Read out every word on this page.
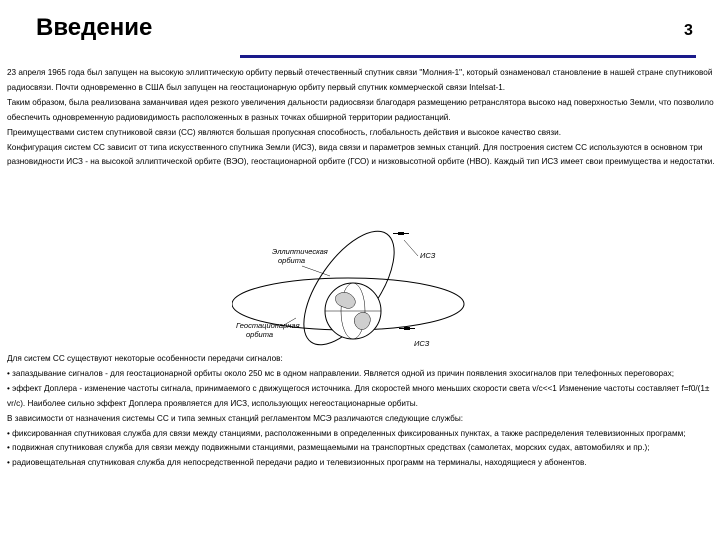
Введение	3

23 апреля 1965 года был запущен на высокую эллиптическую орбиту первый отечественный спутник связи "Молния-1", который ознаменовал становление в нашей стране спутниковой радиосвязи. Почти одновременно в США был запущен на геостационарную орбиту первый спутник коммерческой связи Intelsat-1.

Таким образом, была реализована заманчивая идея резкого увеличения дальности радиосвязи благодаря размещению ретранслятора высоко над поверхностью Земли, что позволило обеспечить одновременную радиовидимость расположенных в разных точках обширной территории радиостанций.

Преимуществами систем спутниковой связи (СС) являются большая пропускная способность, глобальность действия и высокое качество связи.

Конфигурация систем СС зависит от типа искусственного спутника Земли (ИСЗ), вида связи и параметров земных станций. Для построения систем СС используются в основном три разновидности ИСЗ - на высокой эллиптической орбите (ВЭО), геостационарной орбите (ГСО) и низковысотной орбите (НВО). Каждый тип ИСЗ имеет свои преимущества и недостатки.

Эллиптическая
орбита
ИСЗ
Геостационарная
орбита
ИСЗ

Для систем СС существуют некоторые особенности передачи сигналов:

• запаздывание сигналов - для геостационарной орбиты около 250 мс в одном направлении. Является одной из причин появления эхосигналов при телефонных переговорах;

• эффект Доплера - изменение частоты сигнала, принимаемого с движущегося источника. Для скоростей много меньших скорости света v/c<<1 Изменение частоты составляет f=f0/(1± vr/c). Наиболее сильно эффект Доплера проявляется для ИСЗ, использующих негеостационарные орбиты.

В зависимости от назначения системы СС и типа земных станций регламентом МСЭ различаются следующие службы:

• фиксированная спутниковая служба для связи между станциями, расположенными в определенных фиксированных пунктах, а также распределения телевизионных программ;

• подвижная спутниковая служба для связи между подвижными станциями, размещаемыми на транспортных средствах (самолетах, морских судах, автомобилях и пр.);

• радиовещательная спутниковая служба для непосредственной передачи радио и телевизионных программ на терминалы, находящиеся у абонентов.
